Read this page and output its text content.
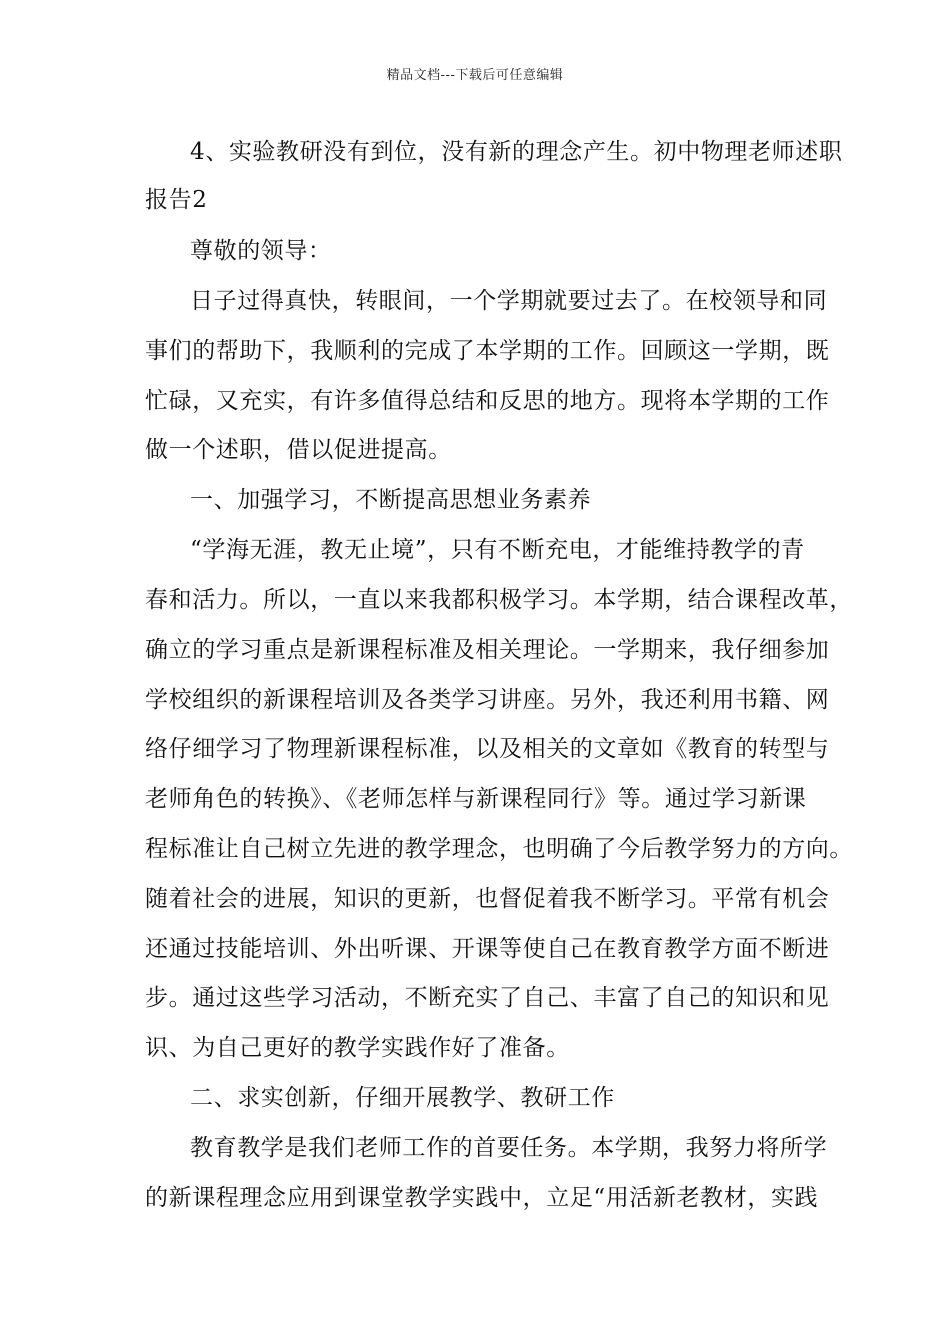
精品文档---下载后可任意编辑
4、实验教研没有到位，没有新的理念产生。初中物理老师述职
报告2
尊敬的领导：
日子过得真快，转眼间，一个学期就要过去了。在校领导和同
事们的帮助下，我顺利的完成了本学期的工作。回顾这一学期，既
忙碌，又充实，有许多值得总结和反思的地方。现将本学期的工作
做一个述职，借以促进提高。
一、加强学习，不断提高思想业务素养
“学海无涯，教无止境”，只有不断充电，才能维持教学的青
春和活力。所以，一直以来我都积极学习。本学期，结合课程改革，
确立的学习重点是新课程标准及相关理论。一学期来，我仔细参加
学校组织的新课程培训及各类学习讲座。另外，我还利用书籍、网
络仔细学习了物理新课程标准，以及相关的文章如《教育的转型与
老师角色的转换》、《老师怎样与新课程同行》等。通过学习新课
程标准让自己树立先进的教学理念，也明确了今后教学努力的方向。
随着社会的进展，知识的更新，也督促着我不断学习。平常有机会
还通过技能培训、外出听课、开课等使自己在教育教学方面不断进
步。通过这些学习活动，不断充实了自己、丰富了自己的知识和见
识、为自己更好的教学实践作好了准备。
二、求实创新，仔细开展教学、教研工作
教育教学是我们老师工作的首要任务。本学期，我努力将所学
的新课程理念应用到课堂教学实践中，立足“用活新老教材，实践
